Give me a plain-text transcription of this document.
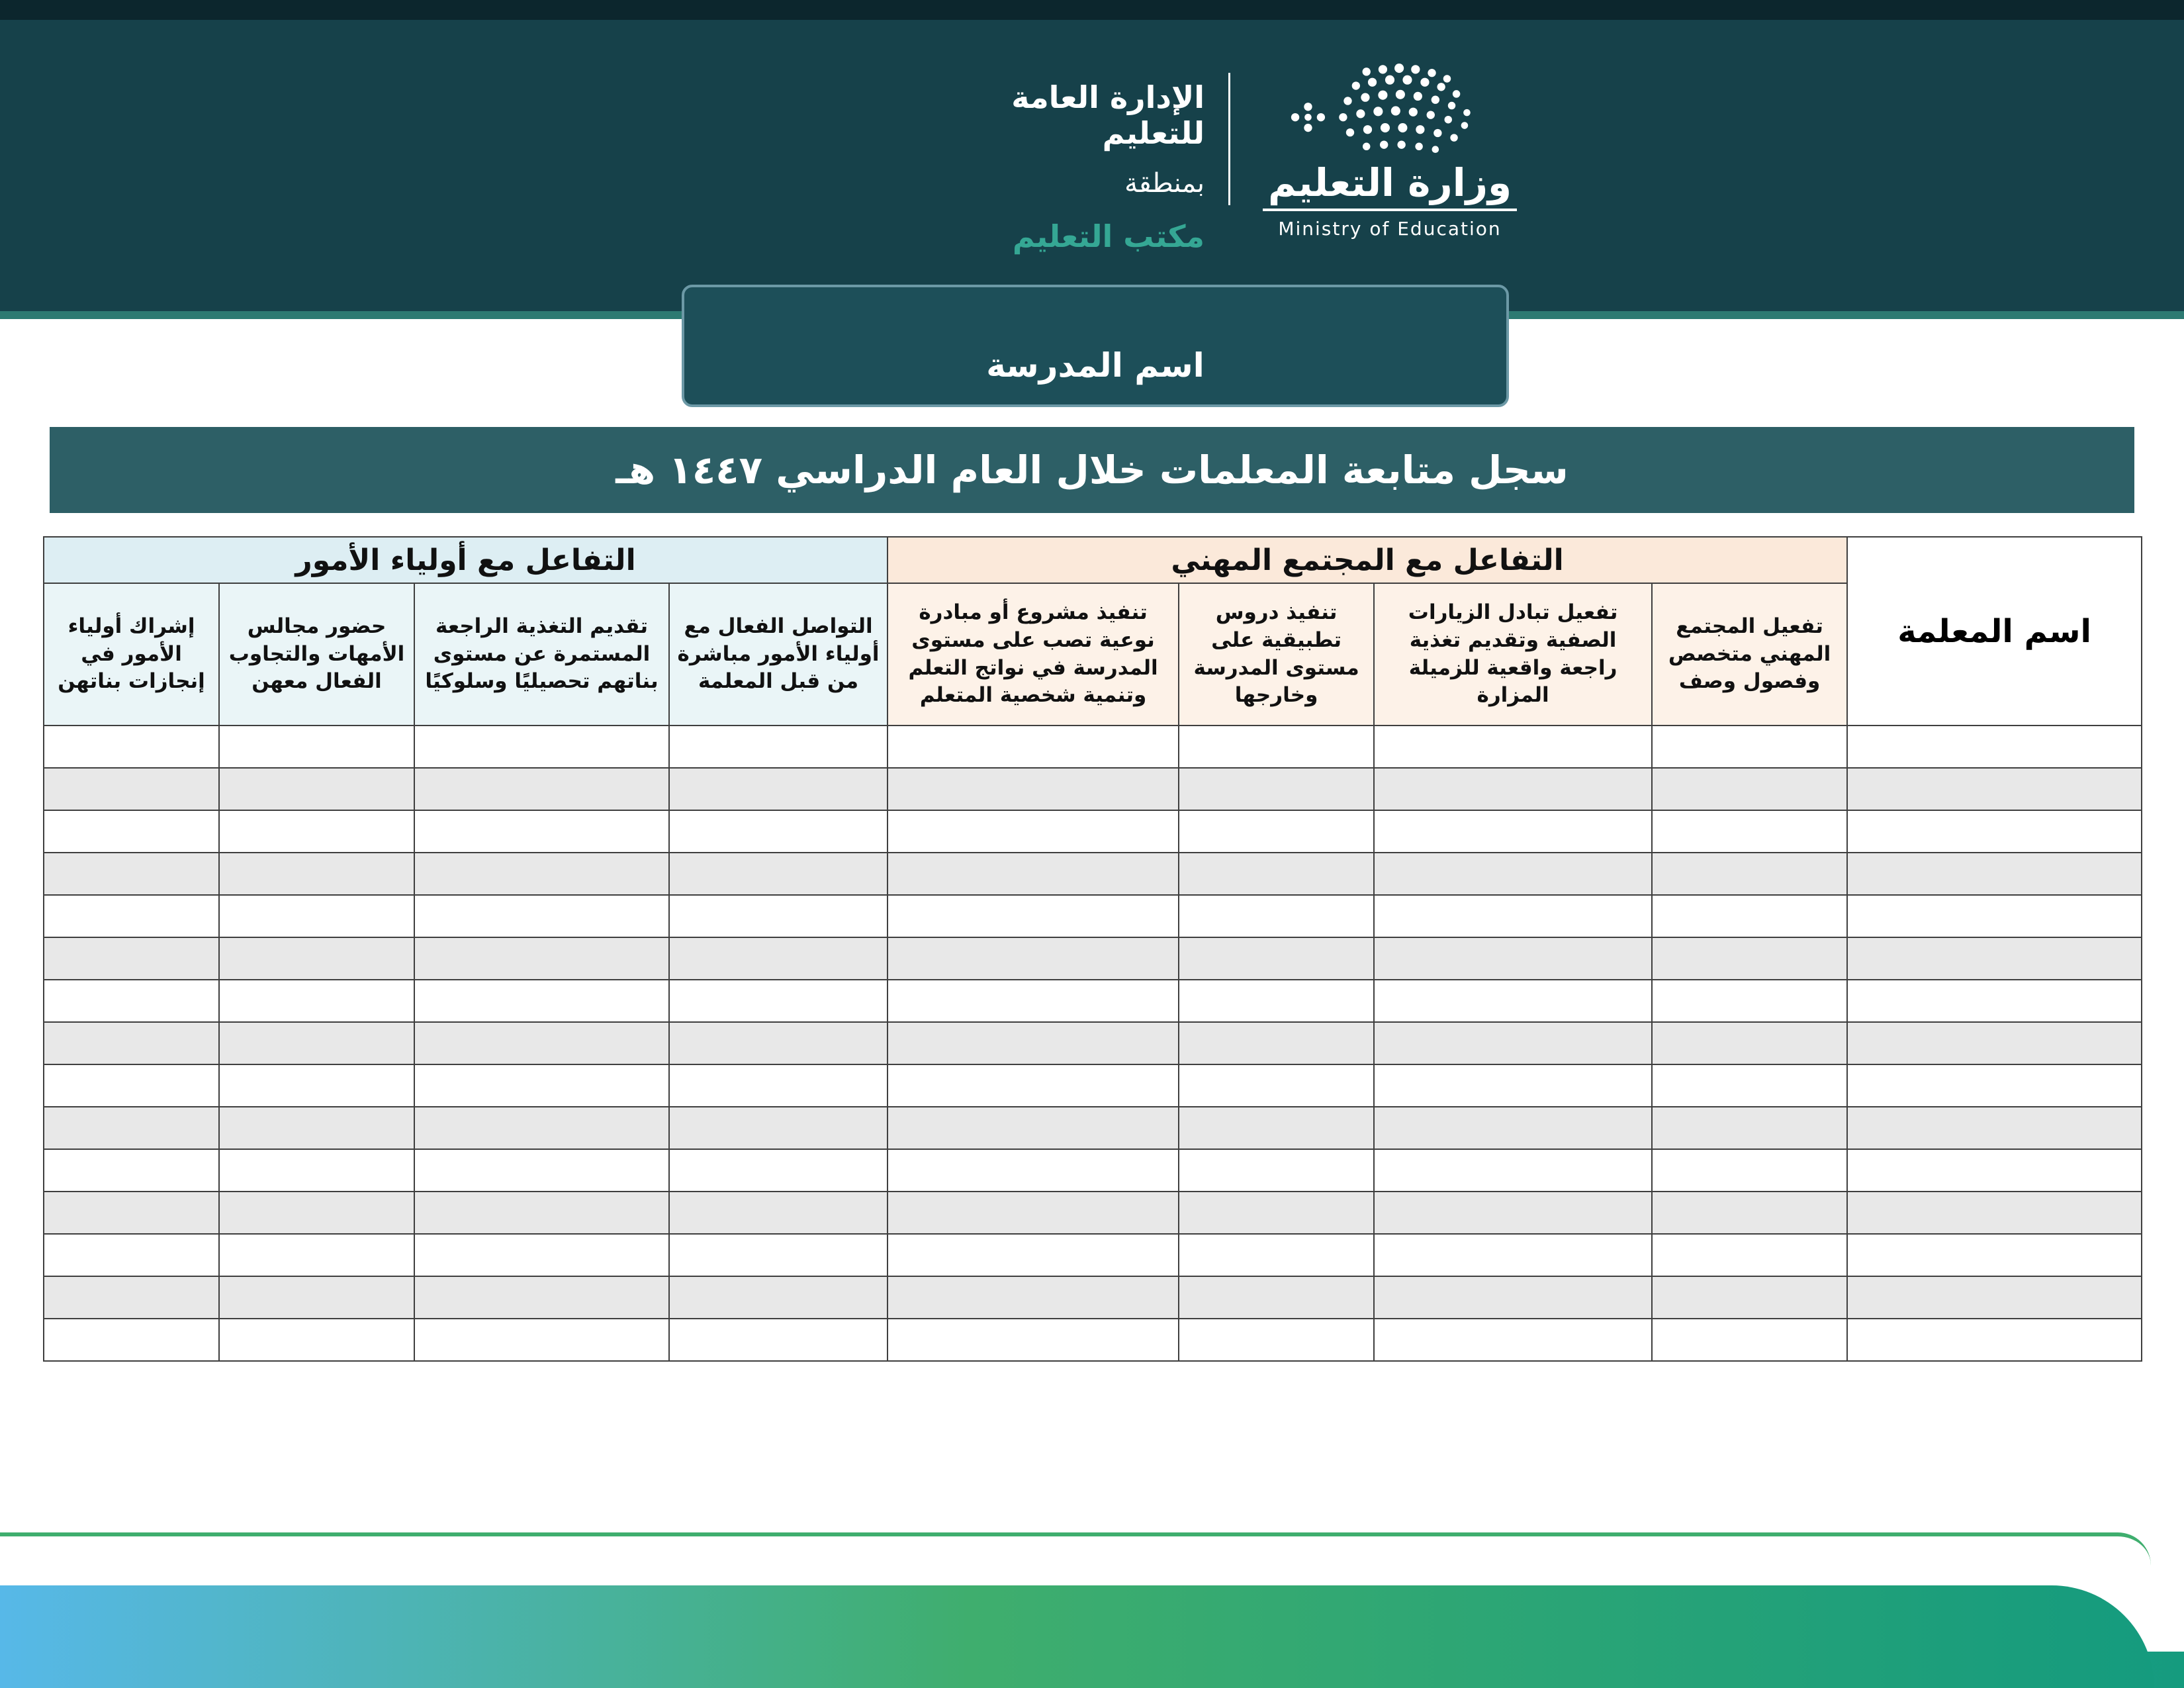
وزارة التعليم
Ministry of Education
الإدارة العامة للتعليم
بمنطقة
مكتب التعليم
اسم المدرسة
سجل متابعة المعلمات خلال العام الدراسي ١٤٤٧ هـ
اسم المعلمة	التفاعل مع المجتمع المهني				التفاعل مع أولياء الأمور			
	تفعيل المجتمع المهني متخصص وفصول وصف	تفعيل تبادل الزيارات الصفية وتقديم تغذية راجعة واقعية للزميلة المزارة	تنفيذ دروس تطبيقية على مستوى المدرسة وخارجها	تنفيذ مشروع أو مبادرة نوعية تصب على مستوى المدرسة في نواتج التعلم وتنمية شخصية المتعلم	التواصل الفعال مع أولياء الأمور مباشرة من قبل المعلمة	تقديم التغذية الراجعة المستمرة عن مستوى بناتهم تحصيليًا وسلوكيًا	حضور مجالس الأمهات والتجاوب الفعال معهن	إشراك أولياء الأمور في إنجازات بناتهن
